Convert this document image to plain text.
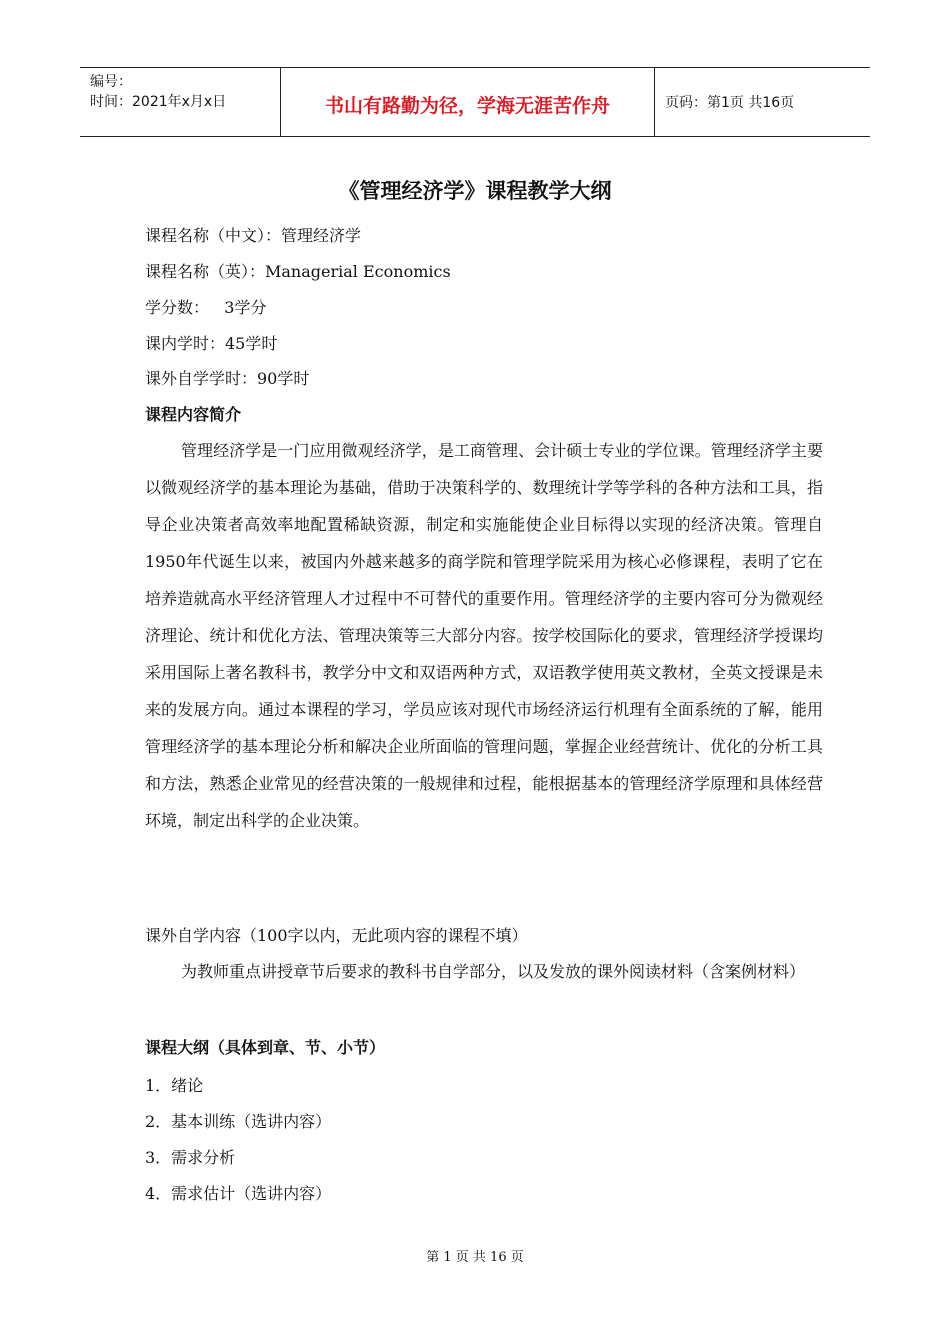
编号：
时间：2021年x月x日	书山有路勤为径，学海无涯苦作舟	页码：第1页 共16页
《管理经济学》课程教学大纲
课程名称（中文）：管理经济学
课程名称（英）：Managerial Economics
学分数：   3学分
课内学时：45学时
课外自学学时：90学时
课程内容简介
管理经济学是一门应用微观经济学，是工商管理、会计硕士专业的学位课。管理经济学主要以微观经济学的基本理论为基础，借助于决策科学的、数理统计学等学科的各种方法和工具，指导企业决策者高效率地配置稀缺资源，制定和实施能使企业目标得以实现的经济决策。管理自1950年代诞生以来，被国内外越来越多的商学院和管理学院采用为核心必修课程，表明了它在培养造就高水平经济管理人才过程中不可替代的重要作用。管理经济学的主要内容可分为微观经济理论、统计和优化方法、管理决策等三大部分内容。按学校国际化的要求，管理经济学授课均采用国际上著名教科书，教学分中文和双语两种方式，双语教学使用英文教材，全英文授课是未来的发展方向。通过本课程的学习，学员应该对现代市场经济运行机理有全面系统的了解，能用管理经济学的基本理论分析和解决企业所面临的管理问题，掌握企业经营统计、优化的分析工具和方法，熟悉企业常见的经营决策的一般规律和过程，能根据基本的管理经济学原理和具体经营环境，制定出科学的企业决策。
课外自学内容（100字以内，无此项内容的课程不填）
为教师重点讲授章节后要求的教科书自学部分，以及发放的课外阅读材料（含案例材料）
课程大纲（具体到章、节、小节）
1．绪论
2．基本训练（选讲内容）
3．需求分析
4．需求估计（选讲内容）
第 1 页 共 16 页
